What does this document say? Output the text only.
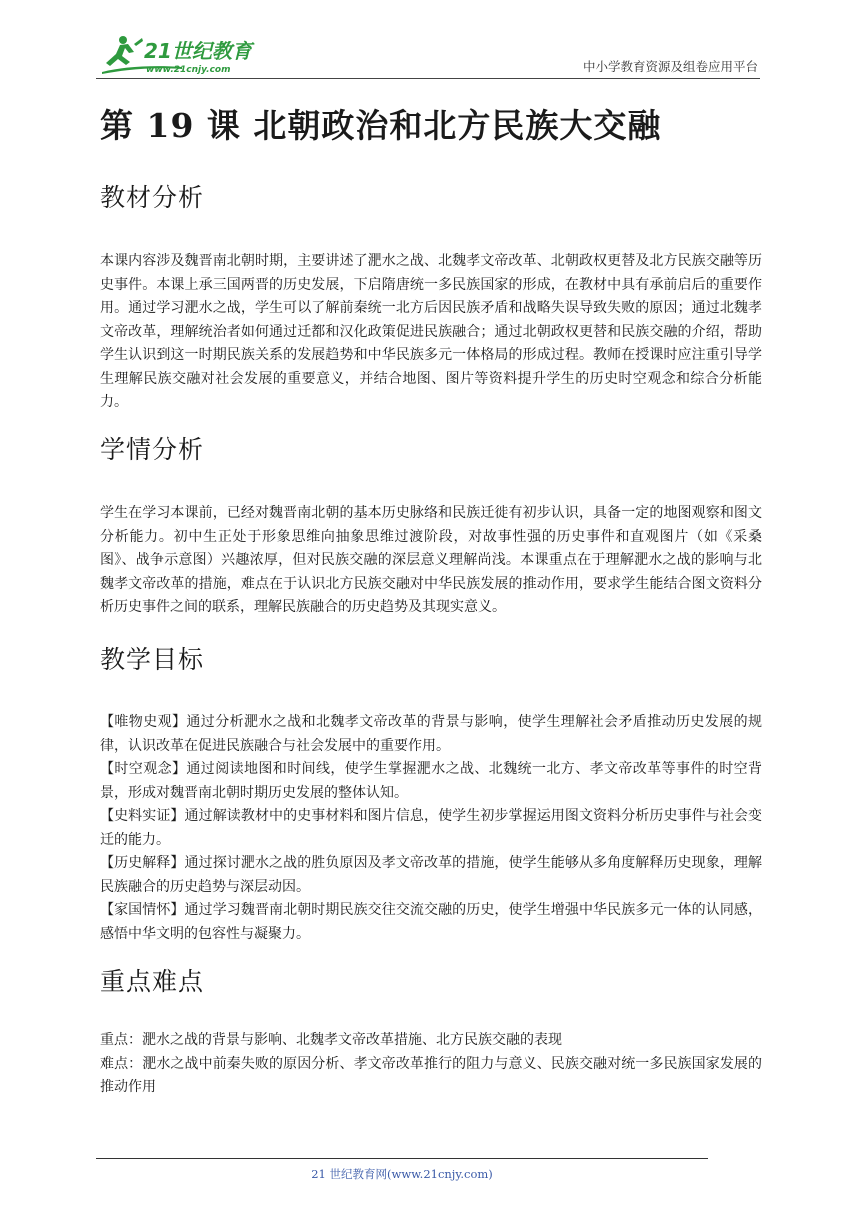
21世纪教育
www.21cnjy.com	中小学教育资源及组卷应用平台
第 19 课 北朝政治和北方民族大交融
教材分析

本课内容涉及魏晋南北朝时期，主要讲述了淝水之战、北魏孝文帝改革、北朝政权更替及北方民族交融等历史事件。本课上承三国两晋的历史发展，下启隋唐统一多民族国家的形成，在教材中具有承前启后的重要作用。通过学习淝水之战，学生可以了解前秦统一北方后因民族矛盾和战略失误导致失败的原因；通过北魏孝文帝改革，理解统治者如何通过迁都和汉化政策促进民族融合；通过北朝政权更替和民族交融的介绍，帮助学生认识到这一时期民族关系的发展趋势和中华民族多元一体格局的形成过程。教师在授课时应注重引导学生理解民族交融对社会发展的重要意义，并结合地图、图片等资料提升学生的历史时空观念和综合分析能力。

学情分析

学生在学习本课前，已经对魏晋南北朝的基本历史脉络和民族迁徙有初步认识，具备一定的地图观察和图文分析能力。初中生正处于形象思维向抽象思维过渡阶段，对故事性强的历史事件和直观图片（如《采桑图》、战争示意图）兴趣浓厚，但对民族交融的深层意义理解尚浅。本课重点在于理解淝水之战的影响与北魏孝文帝改革的措施，难点在于认识北方民族交融对中华民族发展的推动作用，要求学生能结合图文资料分析历史事件之间的联系，理解民族融合的历史趋势及其现实意义。

教学目标
【唯物史观】通过分析淝水之战和北魏孝文帝改革的背景与影响，使学生理解社会矛盾推动历史发展的规律，认识改革在促进民族融合与社会发展中的重要作用。
【时空观念】通过阅读地图和时间线，使学生掌握淝水之战、北魏统一北方、孝文帝改革等事件的时空背景，形成对魏晋南北朝时期历史发展的整体认知。
【史料实证】通过解读教材中的史事材料和图片信息，使学生初步掌握运用图文资料分析历史事件与社会变迁的能力。
【历史解释】通过探讨淝水之战的胜负原因及孝文帝改革的措施，使学生能够从多角度解释历史现象，理解民族融合的历史趋势与深层动因。
【家国情怀】通过学习魏晋南北朝时期民族交往交流交融的历史，使学生增强中华民族多元一体的认同感，感悟中华文明的包容性与凝聚力。
重点难点
重点：淝水之战的背景与影响、北魏孝文帝改革措施、北方民族交融的表现
难点：淝水之战中前秦失败的原因分析、孝文帝改革推行的阻力与意义、民族交融对统一多民族国家发展的推动作用
21 世纪教育网(www.21cnjy.com)
